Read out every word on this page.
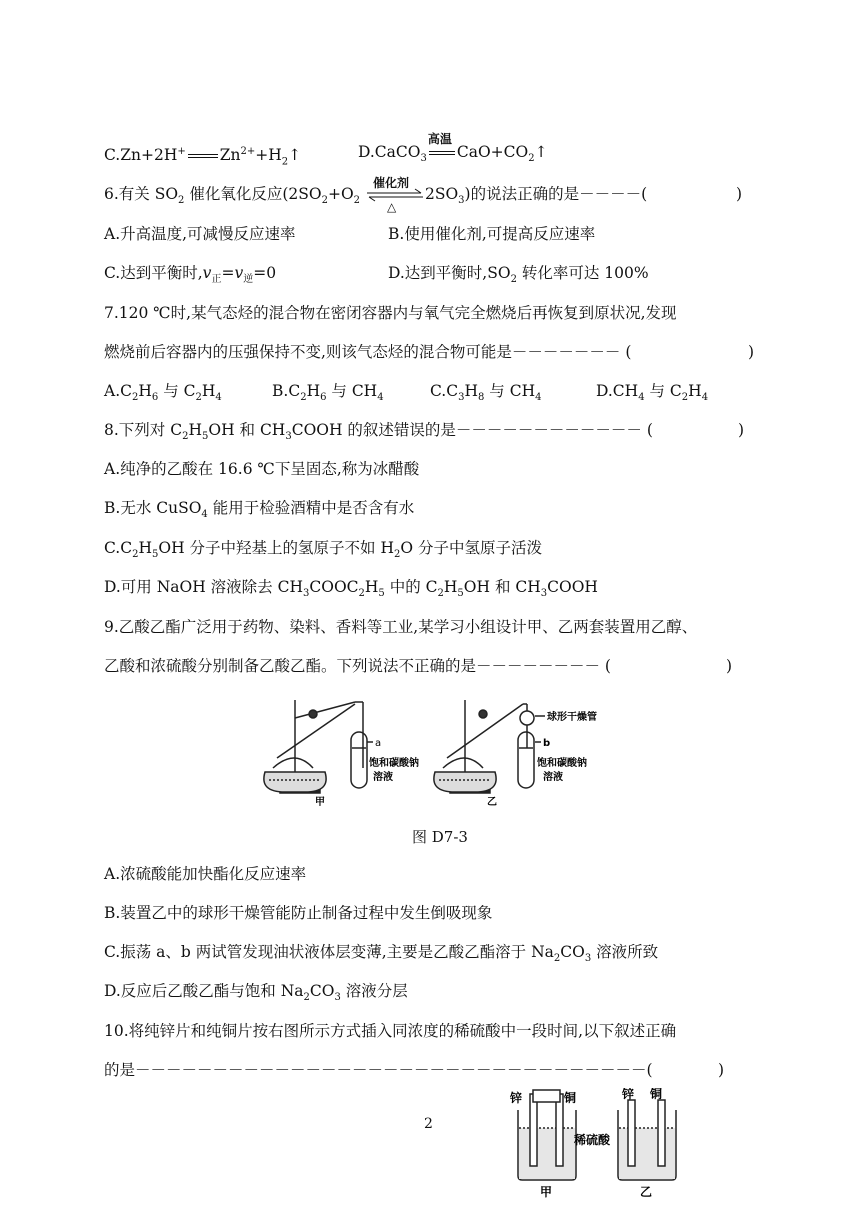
C.Zn+2H+ $Zn^{2+}+H_2↑$	D.CaCO$_3$
高温
$CaO+CO_2↑$
6.有关 $SO_2$ 催化氧化反应($2SO_2+O_2$
催化剂
△
$2SO_3$)的说法正确的是－－－－(	)
A.升高温度,可减慢反应速率	B.使用催化剂,可提高反应速率
C.达到平衡时$,v_正=v_逆=0$	D.达到平衡时$,SO_2$ 转化率可达 100%
7.120 ℃时,某气态烃的混合物在密闭容器内与氧气完全燃烧后再恢复到原状况,发现
燃烧前后容器内的压强保持不变,则该气态烃的混合物可能是－－－－－－－ (	)
$A.C_2H_6$ 与 $C_2H_4$	$B.C_2H_6$ 与 $CH_4$	$C.C_3H_8$ 与 $CH_4$	$D.CH_4$ 与 $C_2H_4$
8.下列对 $C_2H_5OH$ 和 $CH_3COOH$ 的叙述错误的是－－－－－－－－－－－－ (	)
A.纯净的乙酸在 16.6 ℃下呈固态,称为冰醋酸
B.无水 CuSO$_4$ 能用于检验酒精中是否含有水
$C.C_2H_5OH$ 分子中羟基上的氢原子不如 $H_2O$ 分子中氢原子活泼
D.可用 NaOH 溶液除去 $CH_3COOC_2H_5$ 中的 $C_2H_5OH$ 和 $CH_3COOH$
9.乙酸乙酯广泛用于药物、染料、香料等工业,某学习小组设计甲、乙两套装置用乙醇、
乙酸和浓硫酸分别制备乙酸乙酯。下列说法不正确的是－－－－－－－－ (	)
a
饱和碳酸钠
溶液
甲
球形干燥管
b
饱和碳酸钠
溶液
乙
图 D7-3
A.浓硫酸能加快酯化反应速率
B.装置乙中的球形干燥管能防止制备过程中发生倒吸现象
C.振荡 a、b 两试管发现油状液体层变薄,主要是乙酸乙酯溶于 $Na_2CO_3$ 溶液所致
D.反应后乙酸乙酯与饱和 $Na_2CO_3$ 溶液分层
10.将纯锌片和纯铜片按右图所示方式插入同浓度的稀硫酸中一段时间,以下叙述正确
的是－－－－－－－－－－－－－－－－－－－－－－－－－－－－－－－－－(	)
锌	铜
稀硫酸
甲
锌 铜
乙
2
